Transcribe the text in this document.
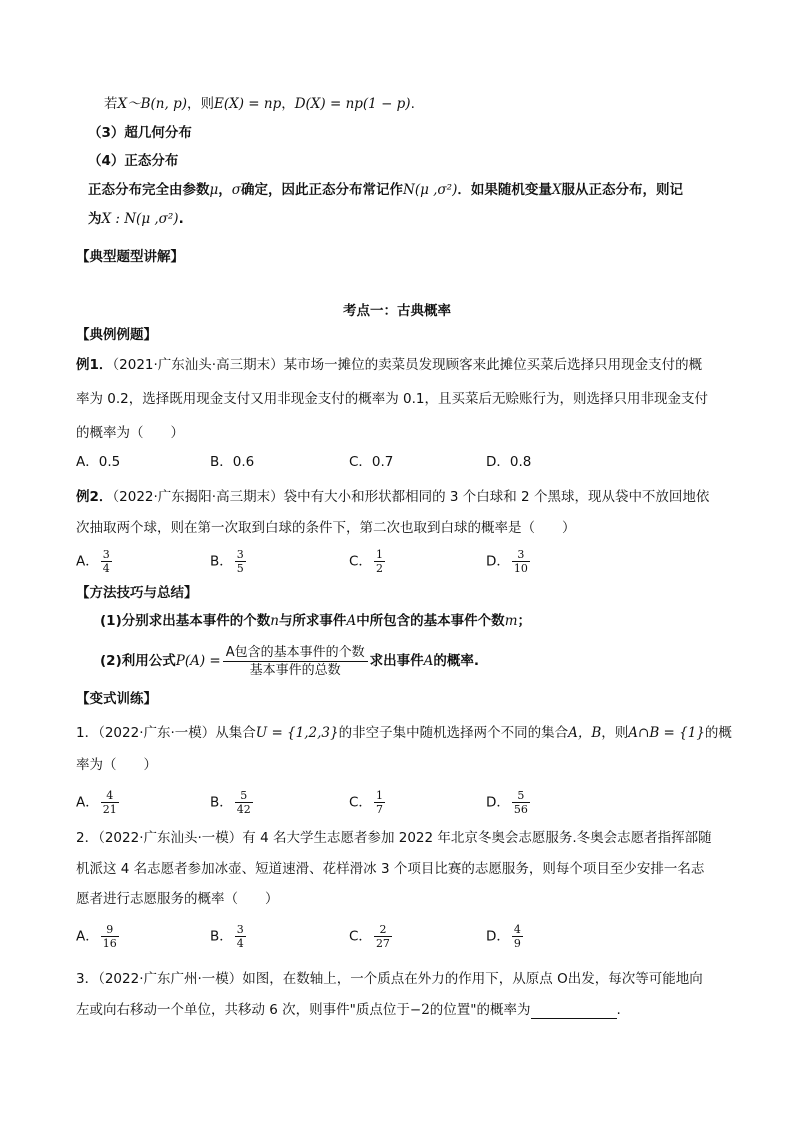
若X～B(n, p)，则E(X) = np，D(X) = np(1 − p).
（3）超几何分布
（4）正态分布
正态分布完全由参数μ，σ确定，因此正态分布常记作N(μ ,σ²)．如果随机变量X服从正态分布，则记
为X : N(μ ,σ²).
【典型题型讲解】
考点一：古典概率
【典例例题】
例1．（2021·广东汕头·高三期末）某市场一摊位的卖菜员发现顾客来此摊位买菜后选择只用现金支付的概
率为 0.2，选择既用现金支付又用非现金支付的概率为 0.1，且买菜后无赊账行为，则选择只用非现金支付
的概率为（　　）
A．0.5	B．0.6	C．0.7	D．0.8
例2．（2022·广东揭阳·高三期末）袋中有大小和形状都相同的 3 个白球和 2 个黑球，现从袋中不放回地依
次抽取两个球，则在第一次取到白球的条件下，第二次也取到白球的概率是（　　）
A． $\frac{3}{4}$	B． $\frac{3}{5}$	C． $\frac{1}{2}$	D． $\frac{3}{10}$
【方法技巧与总结】
(1)分别求出基本事件的个数n与所求事件A中所包含的基本事件个数m；
(2)利用公式$P(A) = \frac{\text{A包含的基本事件的个数}}{\text{基本事件的总数}}$ 求出事件A的概率.
【变式训练】
1．（2022·广东·一模）从集合U = {1,2,3}的非空子集中随机选择两个不同的集合A，B，则A∩B = {1}的概
率为（　　）
A． $\frac{4}{21}$	B． $\frac{5}{42}$	C． $\frac{1}{7}$	D． $\frac{5}{56}$
2．（2022·广东汕头·一模）有 4 名大学生志愿者参加 2022 年北京冬奥会志愿服务.冬奥会志愿者指挥部随
机派这 4 名志愿者参加冰壶、短道速滑、花样滑冰 3 个项目比赛的志愿服务，则每个项目至少安排一名志
愿者进行志愿服务的概率（　　）
A． $\frac{9}{16}$	B． $\frac{3}{4}$	C． $\frac{2}{27}$	D． $\frac{4}{9}$
3．（2022·广东广州·一模）如图，在数轴上，一个质点在外力的作用下，从原点 O出发，每次等可能地向
左或向右移动一个单位，共移动 6 次，则事件"质点位于−2的位置"的概率为	.
